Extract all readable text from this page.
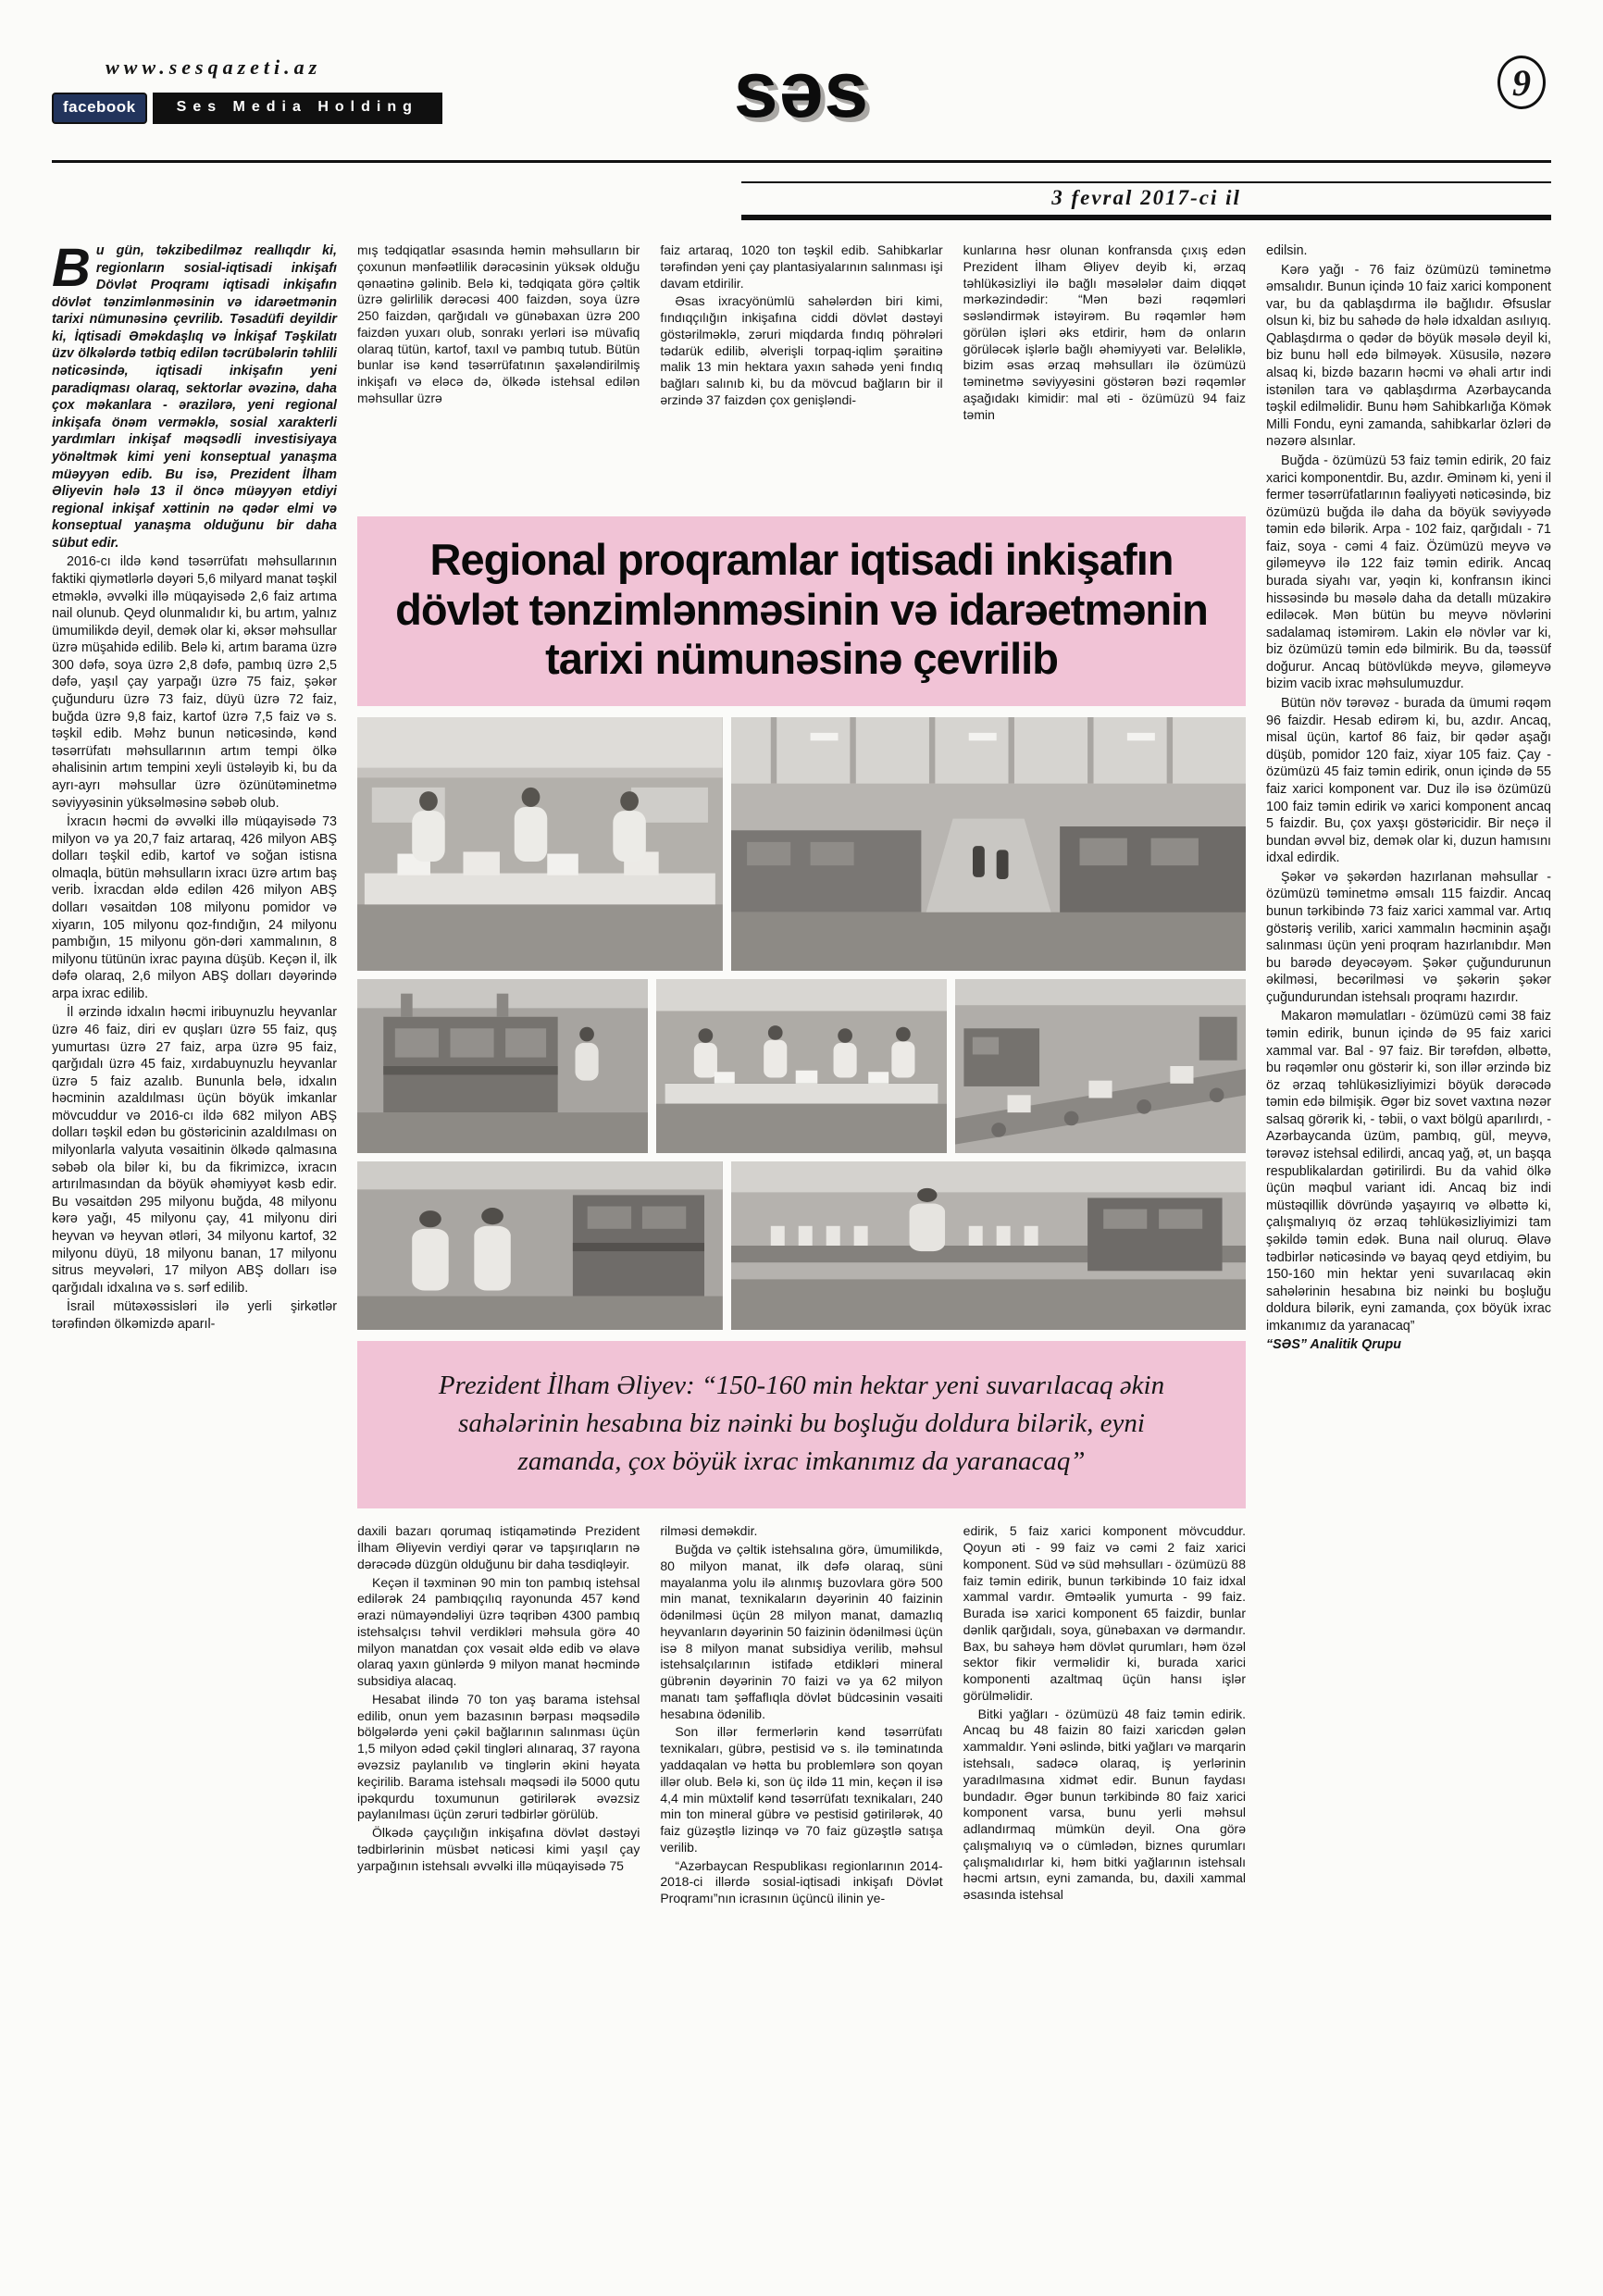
www.sesqazeti.az
facebook	Ses Media Holding	səs	9
3 fevral 2017-ci il

Bu gün, təkzibedilməz reallıqdır ki, regionların sosial-iqtisadi inkişafı Dövlət Proqramı iqtisadi inkişafın dövlət tənzimlənməsinin və idarəetmənin tarixi nümunəsinə çevrilib. Təsadüfi deyildir ki, İqtisadi Əməkdaşlıq və İnkişaf Təşkilatı üzv ölkələrdə tətbiq edilən təcrübələrin təhlili nəticəsində, iqtisadi inkişafın yeni paradiqması olaraq, sektorlar əvəzinə, daha çox məkanlara - ərazilərə, yeni regional inkişafa önəm verməklə, sosial xarakterli yardımları inkişaf məqsədli investisiyaya yönəltmək kimi yeni konseptual yanaşma müəyyən edib. Bu isə, Prezident İlham Əliyevin hələ 13 il öncə müəyyən etdiyi regional inkişaf xəttinin nə qədər elmi və konseptual yanaşma olduğunu bir daha sübut edir.

2016-cı ildə kənd təsərrüfatı məhsullarının faktiki qiymətlərlə dəyəri 5,6 milyard manat təşkil etməklə, əvvəlki illə müqayisədə 2,6 faiz artıma nail olunub. Qeyd olunmalıdır ki, bu artım, yalnız ümumilikdə deyil, demək olar ki, əksər məhsullar üzrə müşahidə edilib. Belə ki, artım barama üzrə 300 dəfə, soya üzrə 2,8 dəfə, pambıq üzrə 2,5 dəfə, yaşıl çay yarpağı üzrə 75 faiz, şəkər çuğunduru üzrə 73 faiz, düyü üzrə 72 faiz, buğda üzrə 9,8 faiz, kartof üzrə 7,5 faiz və s. təşkil edib. Məhz bunun nəticəsində, kənd təsərrüfatı məhsullarının artım tempi ölkə əhalisinin artım tempini xeyli üstələyib ki, bu da ayrı-ayrı məhsullar üzrə özünütəminetmə səviyyəsinin yüksəlməsinə səbəb olub.

İxracın həcmi də əvvəlki illə müqayisədə 73 milyon və ya 20,7 faiz artaraq, 426 milyon ABŞ dolları təşkil edib, kartof və soğan istisna olmaqla, bütün məhsulların ixracı üzrə artım baş verib. İxracdan əldə edilən 426 milyon ABŞ dolları vəsaitdən 108 milyonu pomidor və xiyarın, 105 milyonu qoz-fındığın, 24 milyonu pambığın, 15 milyonu gön-dəri xammalının, 8 milyonu tütünün ixrac payına düşüb. Keçən il, ilk dəfə olaraq, 2,6 milyon ABŞ dolları dəyərində arpa ixrac edilib.

İl ərzində idxalın həcmi iribuynuzlu heyvanlar üzrə 46 faiz, diri ev quşları üzrə 55 faiz, quş yumurtası üzrə 27 faiz, arpa üzrə 95 faiz, qarğıdalı üzrə 45 faiz, xırdabuynuzlu heyvanlar üzrə 5 faiz azalıb. Bununla belə, idxalın həcminin azaldılması üçün böyük imkanlar mövcuddur və 2016-cı ildə 682 milyon ABŞ dolları təşkil edən bu göstəricinin azaldılması on milyonlarla valyuta vəsaitinin ölkədə qalmasına səbəb ola bilər ki, bu da fikrimizcə, ixracın artırılmasından da böyük əhəmiyyət kəsb edir. Bu vəsaitdən 295 milyonu buğda, 48 milyonu kərə yağı, 45 milyonu çay, 41 milyonu diri heyvan və heyvan ətləri, 34 milyonu kartof, 32 milyonu düyü, 18 milyonu banan, 17 milyonu sitrus meyvələri, 17 milyon ABŞ dolları isə qarğıdalı idxalına və s. sərf edilib.

İsrail mütəxəssisləri ilə yerli şirkətlər tərəfindən ölkəmizdə aparıl-

mış tədqiqatlar əsasında həmin məhsulların bir çoxunun mənfəətlilik dərəcəsinin yüksək olduğu qənaətinə gəlinib. Belə ki, tədqiqata görə çəltik üzrə gəlirlilik dərəcəsi 400 faizdən, soya üzrə 250 faizdən, qarğıdalı və günəbaxan üzrə 200 faizdən yuxarı olub, sonrakı yerləri isə müvafiq olaraq tütün, kartof, taxıl və pambıq tutub. Bütün bunlar isə kənd təsərrüfatının şaxələndirilmiş inkişafı və eləcə də, ölkədə istehsal edilən məhsullar üzrə

faiz artaraq, 1020 ton təşkil edib. Sahibkarlar tərəfindən yeni çay plantasiyalarının salınması işi davam etdirilir.

Əsas ixracyönümlü sahələrdən biri kimi, fındıqçılığın inkişafına ciddi dövlət dəstəyi göstərilməklə, zəruri miqdarda fındıq pöhrələri tədarük edilib, əlverişli torpaq-iqlim şəraitinə malik 13 min hektara yaxın sahədə yeni fındıq bağları salınıb ki, bu da mövcud bağların bir il ərzində 37 faizdən çox genişləndi-

kunlarına həsr olunan konfransda çıxış edən Prezident İlham Əliyev deyib ki, ərzaq təhlükəsizliyi ilə bağlı məsələlər daim diqqət mərkəzindədir: “Mən bəzi rəqəmləri səsləndirmək istəyirəm. Bu rəqəmlər həm görülən işləri əks etdirir, həm də onların görüləcək işlərlə bağlı əhəmiyyəti var. Beləliklə, bizim əsas ərzaq məhsulları ilə özümüzü təminetmə səviyyəsini göstərən bəzi rəqəmlər aşağıdakı kimidir: mal əti - özümüzü 94 faiz təmin

Regional proqramlar iqtisadi inkişafın
dövlət tənzimlənməsinin və idarəetmənin
tarixi nümunəsinə çevrilib

Prezident İlham Əliyev: “150-160 min hektar yeni suvarılacaq əkin sahələrinin hesabına biz nəinki bu boşluğu doldura bilərik, eyni zamanda, çox böyük ixrac imkanımız da yaranacaq”

daxili bazarı qorumaq istiqamətində Prezident İlham Əliyevin verdiyi qərar və tapşırıqların nə dərəcədə düzgün olduğunu bir daha təsdiqləyir.

Keçən il təxminən 90 min ton pambıq istehsal edilərək 24 pambıqçılıq rayonunda 457 kənd ərazi nümayəndəliyi üzrə təqribən 4300 pambıq istehsalçısı təhvil verdikləri məhsula görə 40 milyon manatdan çox vəsait əldə edib və əlavə olaraq yaxın günlərdə 9 milyon manat həcmində subsidiya alacaq.

Hesabat ilində 70 ton yaş barama istehsal edilib, onun yem bazasının bərpası məqsədilə bölgələrdə yeni çəkil bağlarının salınması üçün 1,5 milyon ədəd çəkil tingləri alınaraq, 37 rayona əvəzsiz paylanılıb və tinglərin əkini həyata keçirilib. Barama istehsalı məqsədi ilə 5000 qutu ipəkqurdu toxumunun gətirilərək əvəzsiz paylanılması üçün zəruri tədbirlər görülüb.

Ölkədə çayçılığın inkişafına dövlət dəstəyi tədbirlərinin müsbət nəticəsi kimi yaşıl çay yarpağının istehsalı əvvəlki illə müqayisədə 75

rilməsi deməkdir.

Buğda və çəltik istehsalına görə, ümumilikdə, 80 milyon manat, ilk dəfə olaraq, süni mayalanma yolu ilə alınmış buzovlara görə 500 min manat, texnikaların dəyərinin 40 faizinin ödənilməsi üçün 28 milyon manat, damazlıq heyvanların dəyərinin 50 faizinin ödənilməsi üçün isə 8 milyon manat subsidiya verilib, məhsul istehsalçılarının istifadə etdikləri mineral gübrənin dəyərinin 70 faizi və ya 62 milyon manatı tam şəffaflıqla dövlət büdcəsinin vəsaiti hesabına ödənilib.

Son illər fermerlərin kənd təsərrüfatı texnikaları, gübrə, pestisid və s. ilə təminatında yaddaqalan və hətta bu problemlərə son qoyan illər olub. Belə ki, son üç ildə 11 min, keçən il isə 4,4 min müxtəlif kənd təsərrüfatı texnikaları, 240 min ton mineral gübrə və pestisid gətirilərək, 40 faiz güzəştlə lizinqə və 70 faiz güzəştlə satışa verilib.

“Azərbaycan Respublikası regionlarının 2014-2018-ci illərdə sosial-iqtisadi inkişafı Dövlət Proqramı”nın icrasının üçüncü ilinin ye-

edirik, 5 faiz xarici komponent mövcuddur. Qoyun əti - 99 faiz və cəmi 2 faiz xarici komponent. Süd və süd məhsulları - özümüzü 88 faiz təmin edirik, bunun tərkibində 10 faiz idxal xammal vardır. Əmtəəlik yumurta - 99 faiz. Burada isə xarici komponent 65 faizdir, bunlar dənlik qarğıdalı, soya, günəbaxan və dərmandır. Bax, bu sahəyə həm dövlət qurumları, həm özəl sektor fikir verməlidir ki, burada xarici komponenti azaltmaq üçün hansı işlər görülməlidir.

Bitki yağları - özümüzü 48 faiz təmin edirik. Ancaq bu 48 faizin 80 faizi xaricdən gələn xammaldır. Yəni əslində, bitki yağları və marqarin istehsalı, sadəcə olaraq, iş yerlərinin yaradılmasına xidmət edir. Bunun faydası bundadır. Əgər bunun tərkibində 80 faiz xarici komponent varsa, bunu yerli məhsul adlandırmaq mümkün deyil. Ona görə çalışmalıyıq və o cümlədən, biznes qurumları çalışmalıdırlar ki, həm bitki yağlarının istehsalı həcmi artsın, eyni zamanda, bu, daxili xammal əsasında istehsal

edilsin.

Kərə yağı - 76 faiz özümüzü təminetmə əmsalıdır. Bunun içində 10 faiz xarici komponent var, bu da qablaşdırma ilə bağlıdır. Əfsuslar olsun ki, biz bu sahədə də hələ idxaldan asılıyıq. Qablaşdırma o qədər də böyük məsələ deyil ki, biz bunu həll edə bilməyək. Xüsusilə, nəzərə alsaq ki, bizdə bazarın həcmi və əhali artır indi istənilən tara və qablaşdırma Azərbaycanda təşkil edilməlidir. Bunu həm Sahibkarlığa Kömək Milli Fondu, eyni zamanda, sahibkarlar özləri də nəzərə alsınlar.

Buğda - özümüzü 53 faiz təmin edirik, 20 faiz xarici komponentdir. Bu, azdır. Əminəm ki, yeni il fermer təsərrüfatlarının fəaliyyəti nəticəsində, biz özümüzü buğda ilə daha da böyük səviyyədə təmin edə bilərik. Arpa - 102 faiz, qarğıdalı - 71 faiz, soya - cəmi 4 faiz. Özümüzü meyvə və giləmeyvə ilə 122 faiz təmin edirik. Ancaq burada siyahı var, yəqin ki, konfransın ikinci hissəsində bu məsələ daha da detallı müzakirə ediləcək. Mən bütün bu meyvə növlərini sadalamaq istəmirəm. Lakin elə növlər var ki, biz özümüzü təmin edə bilmirik. Bu da, təəssüf doğurur. Ancaq bütövlükdə meyvə, giləmeyvə bizim vacib ixrac məhsulumuzdur.

Bütün növ tərəvəz - burada da ümumi rəqəm 96 faizdir. Hesab edirəm ki, bu, azdır. Ancaq, misal üçün, kartof 86 faiz, bir qədər aşağı düşüb, pomidor 120 faiz, xiyar 105 faiz. Çay - özümüzü 45 faiz təmin edirik, onun içində də 55 faiz xarici komponent var. Duz ilə isə özümüzü 100 faiz təmin edirik və xarici komponent ancaq 5 faizdir. Bu, çox yaxşı göstəricidir. Bir neçə il bundan əvvəl biz, demək olar ki, duzun hamısını idxal edirdik.

Şəkər və şəkərdən hazırlanan məhsullar - özümüzü təminetmə əmsalı 115 faizdir. Ancaq bunun tərkibində 73 faiz xarici xammal var. Artıq göstəriş verilib, xarici xammalın həcminin aşağı salınması üçün yeni proqram hazırlanıbdır. Mən bu barədə deyəcəyəm. Şəkər çuğundurunun əkilməsi, becərilməsi və şəkərin şəkər çuğundurundan istehsalı proqramı hazırdır.

Makaron məmulatları - özümüzü cəmi 38 faiz təmin edirik, bunun içində də 95 faiz xarici xammal var. Bal - 97 faiz. Bir tərəfdən, əlbəttə, bu rəqəmlər onu göstərir ki, son illər ərzində biz öz ərzaq təhlükəsizliyimizi böyük dərəcədə təmin edə bilmişik. Əgər biz sovet vaxtına nəzər salsaq görərik ki, - təbii, o vaxt bölgü aparılırdı, - Azərbaycanda üzüm, pambıq, gül, meyvə, tərəvəz istehsal edilirdi, ancaq yağ, ət, un başqa respublikalardan gətirilirdi. Bu da vahid ölkə üçün məqbul variant idi. Ancaq biz indi müstəqillik dövründə yaşayırıq və əlbəttə ki, çalışmalıyıq öz ərzaq təhlükəsizliyimizi tam şəkildə təmin edək. Buna nail oluruq. Əlavə tədbirlər nəticəsində və bayaq qeyd etdiyim, bu 150-160 min hektar yeni suvarılacaq əkin sahələrinin hesabına biz nəinki bu boşluğu doldura bilərik, eyni zamanda, çox böyük ixrac imkanımız da yaranacaq”

“SƏS” Analitik Qrupu
